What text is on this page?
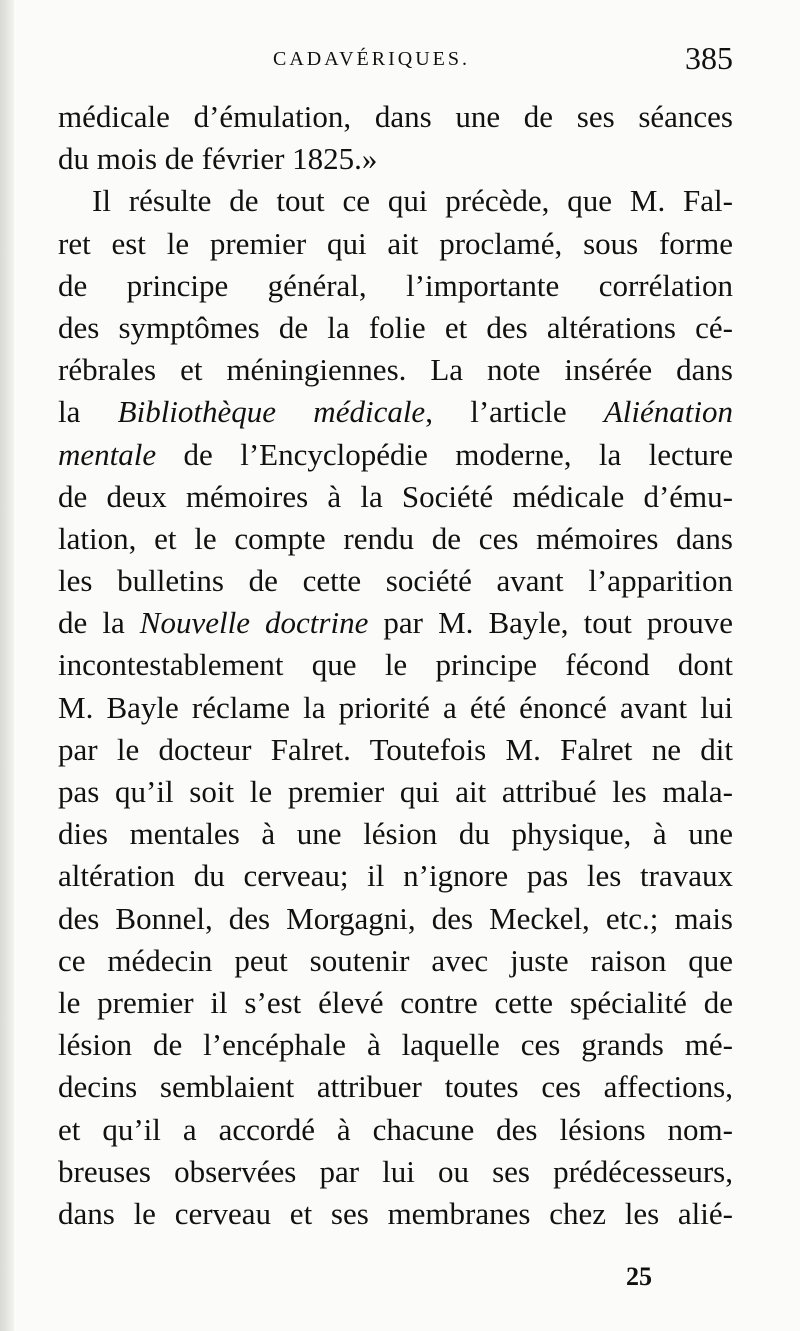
CADAVÉRIQUES.	385
médicale d’émulation, dans une de ses séances
du mois de février 1825.»
Il résulte de tout ce qui précède, que M. Fal-
ret est le premier qui ait proclamé, sous forme
de principe général, l’importante corrélation
des symptômes de la folie et des altérations cé-
rébrales et méningiennes. La note insérée dans
la Bibliothèque médicale, l’article Aliénation
mentale de l’Encyclopédie moderne, la lecture
de deux mémoires à la Société médicale d’ému-
lation, et le compte rendu de ces mémoires dans
les bulletins de cette société avant l’apparition
de la Nouvelle doctrine par M. Bayle, tout prouve
incontestablement que le principe fécond dont
M. Bayle réclame la priorité a été énoncé avant lui
par le docteur Falret. Toutefois M. Falret ne dit
pas qu’il soit le premier qui ait attribué les mala-
dies mentales à une lésion du physique, à une
altération du cerveau; il n’ignore pas les travaux
des Bonnel, des Morgagni, des Meckel, etc.; mais
ce médecin peut soutenir avec juste raison que
le premier il s’est élevé contre cette spécialité de
lésion de l’encéphale à laquelle ces grands mé-
decins semblaient attribuer toutes ces affections,
et qu’il a accordé à chacune des lésions nom-
breuses observées par lui ou ses prédécesseurs,
dans le cerveau et ses membranes chez les alié-
25
